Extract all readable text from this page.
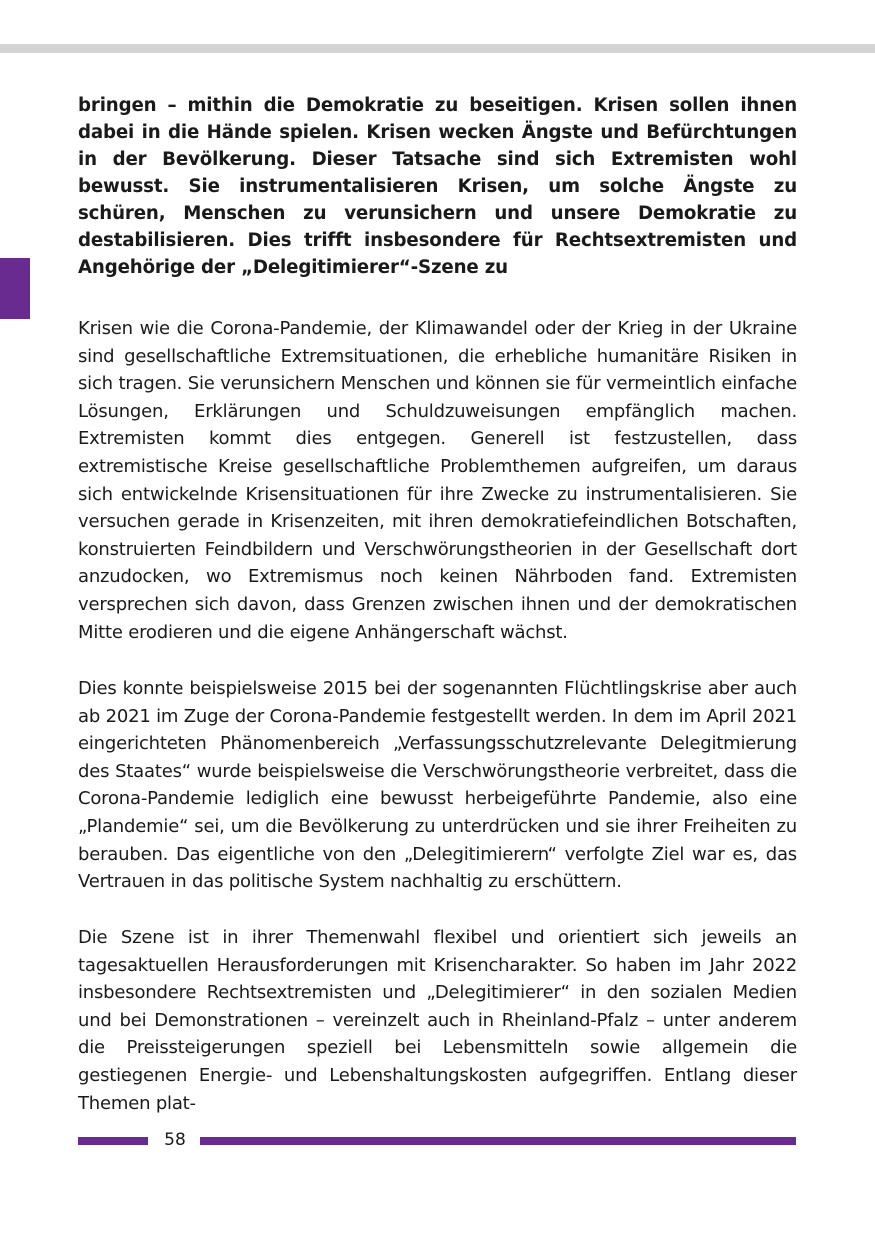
bringen – mithin die Demokratie zu beseitigen. Krisen sollen ihnen dabei in die Hände spielen. Krisen wecken Ängste und Befürchtungen in der Bevölkerung. Dieser Tatsache sind sich Extremisten wohl bewusst. Sie instrumentalisieren Krisen, um solche Ängste zu schüren, Menschen zu verunsichern und unsere Demokratie zu destabilisieren. Dies trifft insbesondere für Rechtsextremisten und Angehörige der „Delegitimierer“-Szene zu

Krisen wie die Corona-Pandemie, der Klimawandel oder der Krieg in der Ukraine sind gesellschaftliche Extremsituationen, die erhebliche humanitäre Risiken in sich tragen. Sie verunsichern Menschen und können sie für vermeintlich einfache Lösungen, Erklärungen und Schuldzuweisungen empfänglich machen. Extremisten kommt dies entgegen. Generell ist festzustellen, dass extremistische Kreise gesellschaftliche Problemthemen aufgreifen, um daraus sich entwickelnde Krisensituationen für ihre Zwecke zu instrumentalisieren. Sie versuchen gerade in Krisenzeiten, mit ihren demokratiefeindlichen Botschaften, konstruierten Feindbildern und Verschwörungstheorien in der Gesellschaft dort anzudocken, wo Extremismus noch keinen Nährboden fand. Extremisten versprechen sich davon, dass Grenzen zwischen ihnen und der demokratischen Mitte erodieren und die eigene Anhängerschaft wächst.

Dies konnte beispielsweise 2015 bei der sogenannten Flüchtlingskrise aber auch ab 2021 im Zuge der Corona-Pandemie festgestellt werden. In dem im April 2021 eingerichteten Phänomenbereich „Verfassungsschutzrelevante Delegitmierung des Staates“ wurde beispielsweise die Verschwörungstheorie verbreitet, dass die Corona-Pandemie lediglich eine bewusst herbeigeführte Pandemie, also eine „Plandemie“ sei, um die Bevölkerung zu unterdrücken und sie ihrer Freiheiten zu berauben. Das eigentliche von den „Delegitimierern“ verfolgte Ziel war es, das Vertrauen in das politische System nachhaltig zu erschüttern.

Die Szene ist in ihrer Themenwahl flexibel und orientiert sich jeweils an tagesaktuellen Herausforderungen mit Krisencharakter. So haben im Jahr 2022 insbesondere Rechtsextremisten und „Delegitimierer“ in den sozialen Medien und bei Demonstrationen – vereinzelt auch in Rheinland-Pfalz – unter anderem die Preissteigerungen speziell bei Lebensmitteln sowie allgemein die gestiegenen Energie- und Lebenshaltungskosten aufgegriffen. Entlang dieser Themen plat-

58
